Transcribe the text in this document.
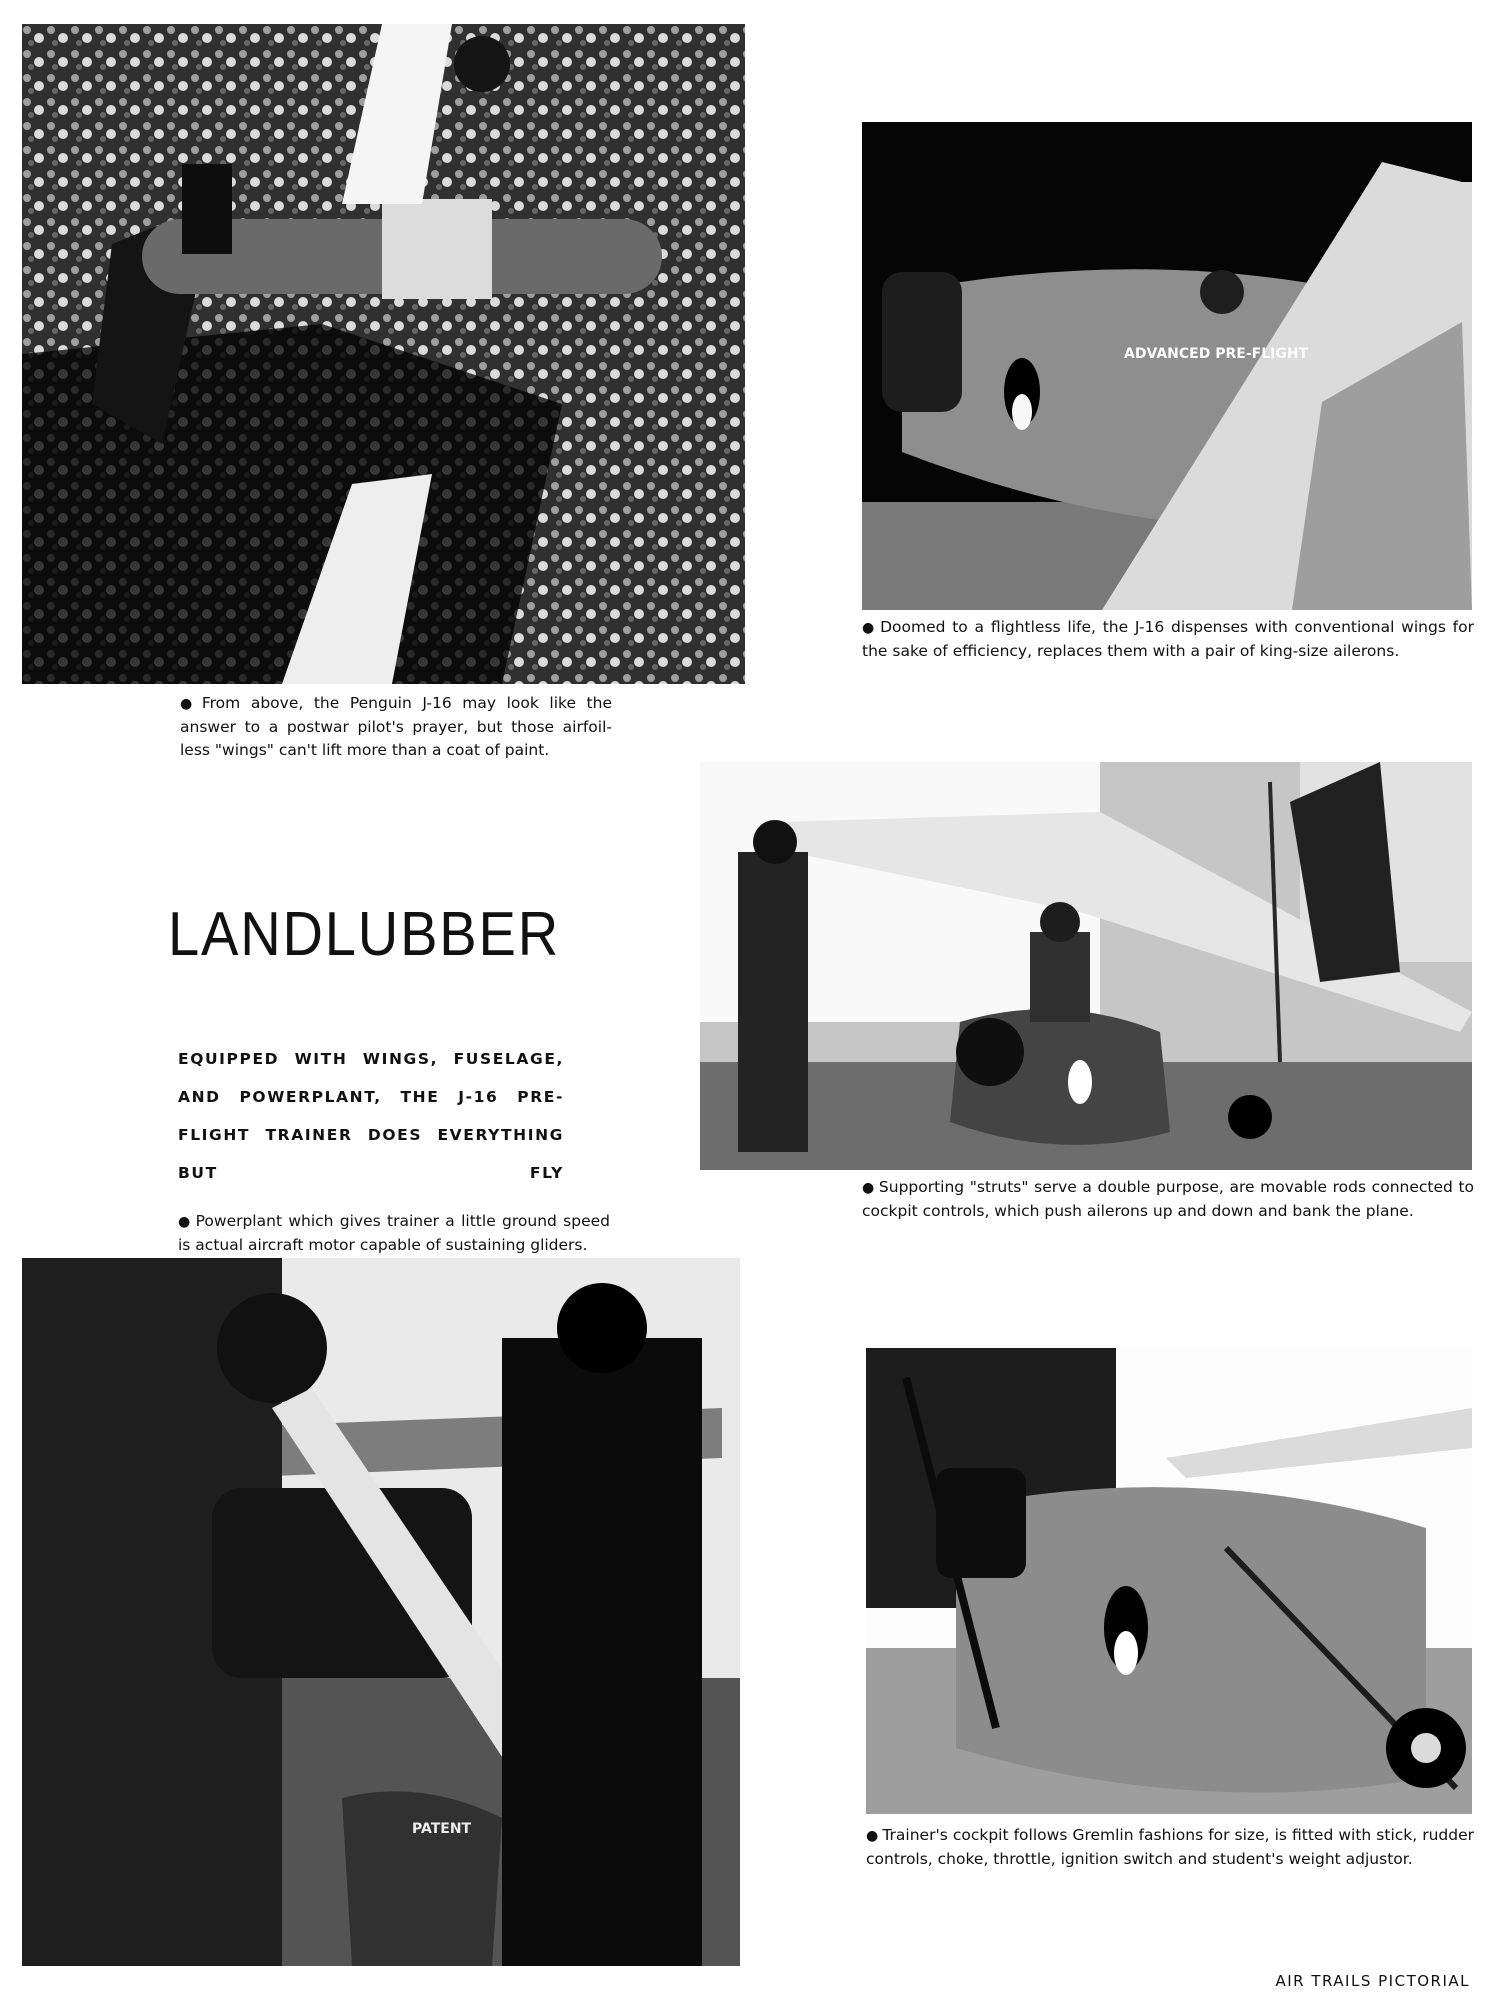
● From above, the Penguin J-16 may look like the answer to a postwar pilot's prayer, but those airfoil-less "wings" can't lift more than a coat of paint.
ADVANCED PRE-FLIGHT
● Doomed to a flightless life, the J-16 dispenses with conventional wings for the sake of efficiency, replaces them with a pair of king-size ailerons.
LANDLUBBER
EQUIPPED WITH WINGS, FUSELAGE, AND POWERPLANT, THE J-16 PRE-FLIGHT TRAINER DOES EVERYTHING BUT FLY
● Supporting "struts" serve a double purpose, are movable rods connected to cockpit controls, which push ailerons up and down and bank the plane.
● Powerplant which gives trainer a little ground speed is actual aircraft motor capable of sustaining gliders.
PATENT	● Trainer's cockpit follows Gremlin fashions for size, is fitted with stick, rudder controls, choke, throttle, ignition switch and student's weight adjustor.
AIR TRAILS PICTORIAL
